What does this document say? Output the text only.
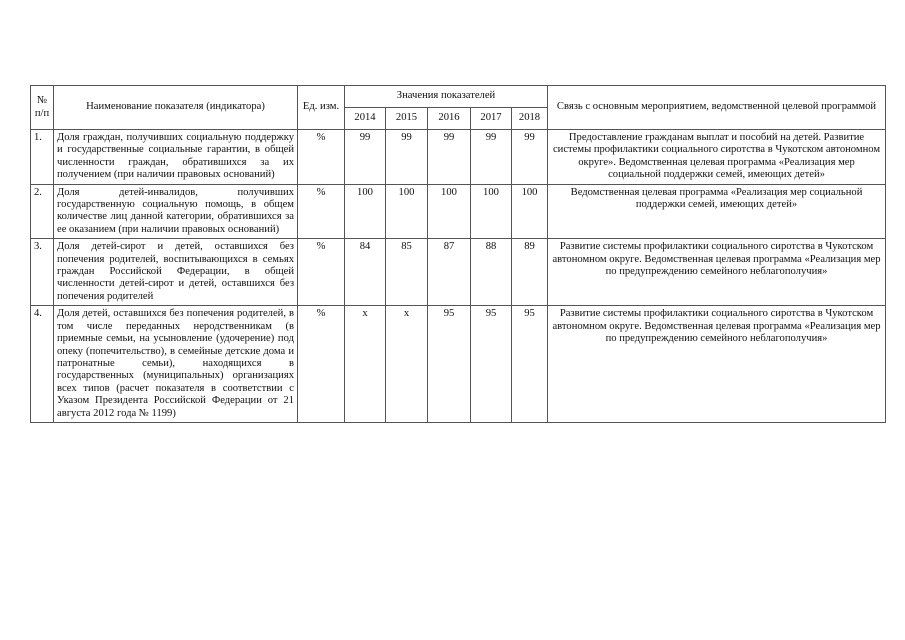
№ п/п	Наименование показателя (индикатора)	Ед. изм.	Значения показателей					Связь с основным мероприятием, ведомственной целевой программой
			2014	2015	2016	2017	2018	
1.	Доля граждан, получивших социальную поддержку и государственные социальные гарантии, в общей численности граждан, обратившихся за их получением (при наличии правовых оснований)	%	99	99	99	99	99	Предоставление гражданам выплат и пособий на детей. Развитие системы профилактики социального сиротства в Чукотском автономном округе». Ведомственная целевая программа «Реализация мер социальной поддержки семей, имеющих детей»
2.	Доля детей-инвалидов, получивших государственную социальную помощь, в общем количестве лиц данной категории, обратившихся за ее оказанием (при наличии правовых оснований)	%	100	100	100	100	100	Ведомственная целевая программа «Реализация мер социальной поддержки семей, имеющих детей»
3.	Доля детей-сирот и детей, оставшихся без попечения родителей, воспитывающихся в семьях граждан Российской Федерации, в общей численности детей-сирот и детей, оставшихся без попечения родителей	%	84	85	87	88	89	Развитие системы профилактики социального сиротства в Чукотском автономном округе. Ведомственная целевая программа «Реализация мер по предупреждению семейного неблагополучия»
4.	Доля детей, оставшихся без попечения родителей, в том числе переданных неродственникам (в приемные семьи, на усыновление (удочерение) под опеку (попечительство), в семейные детские дома и патронатные семьи), находящихся в государственных (муниципальных) организациях всех типов (расчет показателя в соответствии с Указом Президента Российской Федерации от 21 августа 2012 года № 1199)	%	х	х	95	95	95	Развитие системы профилактики социального сиротства в Чукотском автономном округе. Ведомственная целевая программа «Реализация мер по предупреждению семейного неблагополучия»
